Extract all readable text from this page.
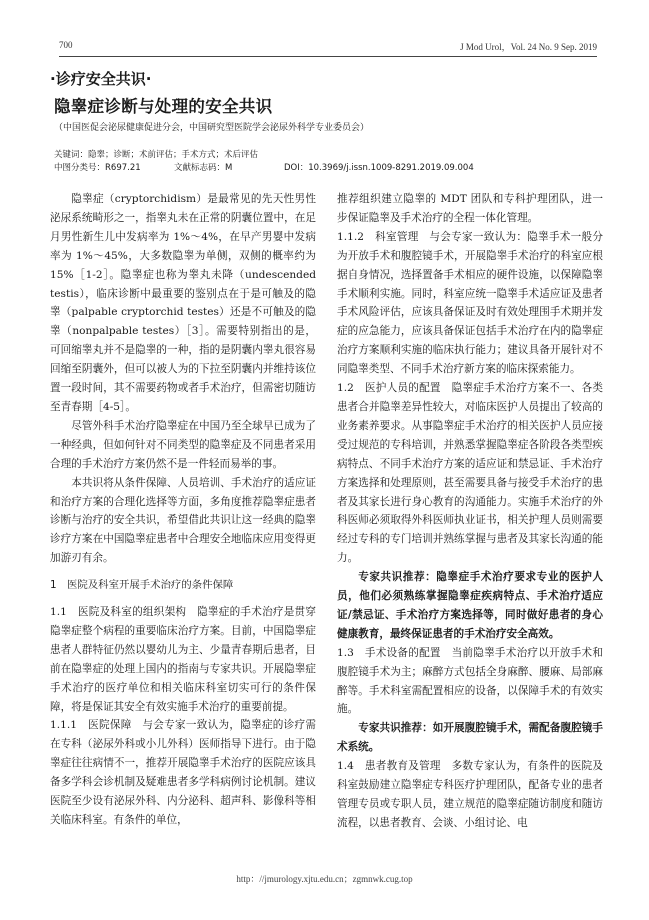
700	J Mod Urol，Vol. 24 No. 9 Sep. 2019
·诊疗安全共识·
隐睾症诊断与处理的安全共识
（中国医促会泌尿健康促进分会，中国研究型医院学会泌尿外科学专业委员会）
关键词：隐睾；诊断；术前评估；手术方式；术后评估
中图分类号：R697.21	文献标志码：M	DOI：10.3969/j.issn.1009-8291.2019.09.004

隐睾症（cryptorchidism）是最常见的先天性男性泌尿系统畸形之一，指睾丸未在正常的阴囊位置中，在足月男性新生儿中发病率为 1%～4%，在早产男婴中发病率为 1%～45%，大多数隐睾为单侧，双侧的概率约为 15%［1-2］。隐睾症也称为睾丸未降（undescended testis），临床诊断中最重要的鉴别点在于是可触及的隐睾（palpable cryptorchid testes）还是不可触及的隐睾（nonpalpable testes）［3］。需要特别指出的是，可回缩睾丸并不是隐睾的一种，指的是阴囊内睾丸很容易回缩至阴囊外，但可以被人为的下拉至阴囊内并维持该位置一段时间，其不需要药物或者手术治疗，但需密切随访至青春期［4-5］。

尽管外科手术治疗隐睾症在中国乃至全球早已成为了一种经典，但如何针对不同类型的隐睾症及不同患者采用合理的手术治疗方案仍然不是一件轻而易举的事。

本共识将从条件保障、人员培训、手术治疗的适应证和治疗方案的合理化选择等方面，多角度推荐隐睾症患者诊断与治疗的安全共识，希望借此共识让这一经典的隐睾诊疗方案在中国隐睾症患者中合理安全地临床应用变得更加游刃有余。

1　医院及科室开展手术治疗的条件保障

1.1　医院及科室的组织架构　隐睾症的手术治疗是贯穿隐睾症整个病程的重要临床治疗方案。目前，中国隐睾症患者人群特征仍然以婴幼儿为主、少量青春期后患者，目前在隐睾症的处理上国内的指南与专家共识。开展隐睾症手术治疗的医疗单位和相关临床科室切实可行的条件保障，将是保证其安全有效实施手术治疗的重要前提。

1.1.1　医院保障　与会专家一致认为，隐睾症的诊疗需在专科（泌尿外科或小儿外科）医师指导下进行。由于隐睾症往往病情不一，推荐开展隐睾手术治疗的医院应该具备多学科会诊机制及疑难患者多学科病例讨论机制。建议医院至少设有泌尿外科、内分泌科、超声科、影像科等相关临床科室。有条件的单位，

推荐组织建立隐睾的 MDT 团队和专科护理团队，进一步保证隐睾及手术治疗的全程一体化管理。

1.1.2　科室管理　与会专家一致认为：隐睾手术一般分为开放手术和腹腔镜手术，开展隐睾手术治疗的科室应根据自身情况，选择置备手术相应的硬件设施，以保障隐睾手术顺利实施。同时，科室应统一隐睾手术适应证及患者手术风险评估，应该具备保证及时有效处理围手术期并发症的应急能力，应该具备保证包括手术治疗在内的隐睾症治疗方案顺利实施的临床执行能力；建议具备开展针对不同隐睾类型、不同手术治疗新方案的临床探索能力。

1.2　医护人员的配置　隐睾症手术治疗方案不一、各类患者合并隐睾差异性较大，对临床医护人员提出了较高的业务素养要求。从事隐睾症手术治疗的相关医护人员应接受过规范的专科培训，并熟悉掌握隐睾症各阶段各类型疾病特点、不同手术治疗方案的适应证和禁忌证、手术治疗方案选择和处理原则，甚至需要具备与接受手术治疗的患者及其家长进行身心教育的沟通能力。实施手术治疗的外科医师必须取得外科医师执业证书，相关护理人员则需要经过专科的专门培训并熟练掌握与患者及其家长沟通的能力。

专家共识推荐：隐睾症手术治疗要求专业的医护人员，他们必须熟练掌握隐睾症疾病特点、手术治疗适应证/禁忌证、手术治疗方案选择等，同时做好患者的身心健康教育，最终保证患者的手术治疗安全高效。

1.3　手术设备的配置　当前隐睾手术治疗以开放手术和腹腔镜手术为主；麻醉方式包括全身麻醉、腰麻、局部麻醉等。手术科室需配置相应的设备，以保障手术的有效实施。

专家共识推荐：如开展腹腔镜手术，需配备腹腔镜手术系统。

1.4　患者教育及管理　多数专家认为，有条件的医院及科室鼓励建立隐睾症专科医疗护理团队，配备专业的患者管理专员或专职人员，建立规范的隐睾症随访制度和随访流程，以患者教育、会谈、小组讨论、电

http：//jmurology.xjtu.edu.cn；zgmnwk.cug.top
